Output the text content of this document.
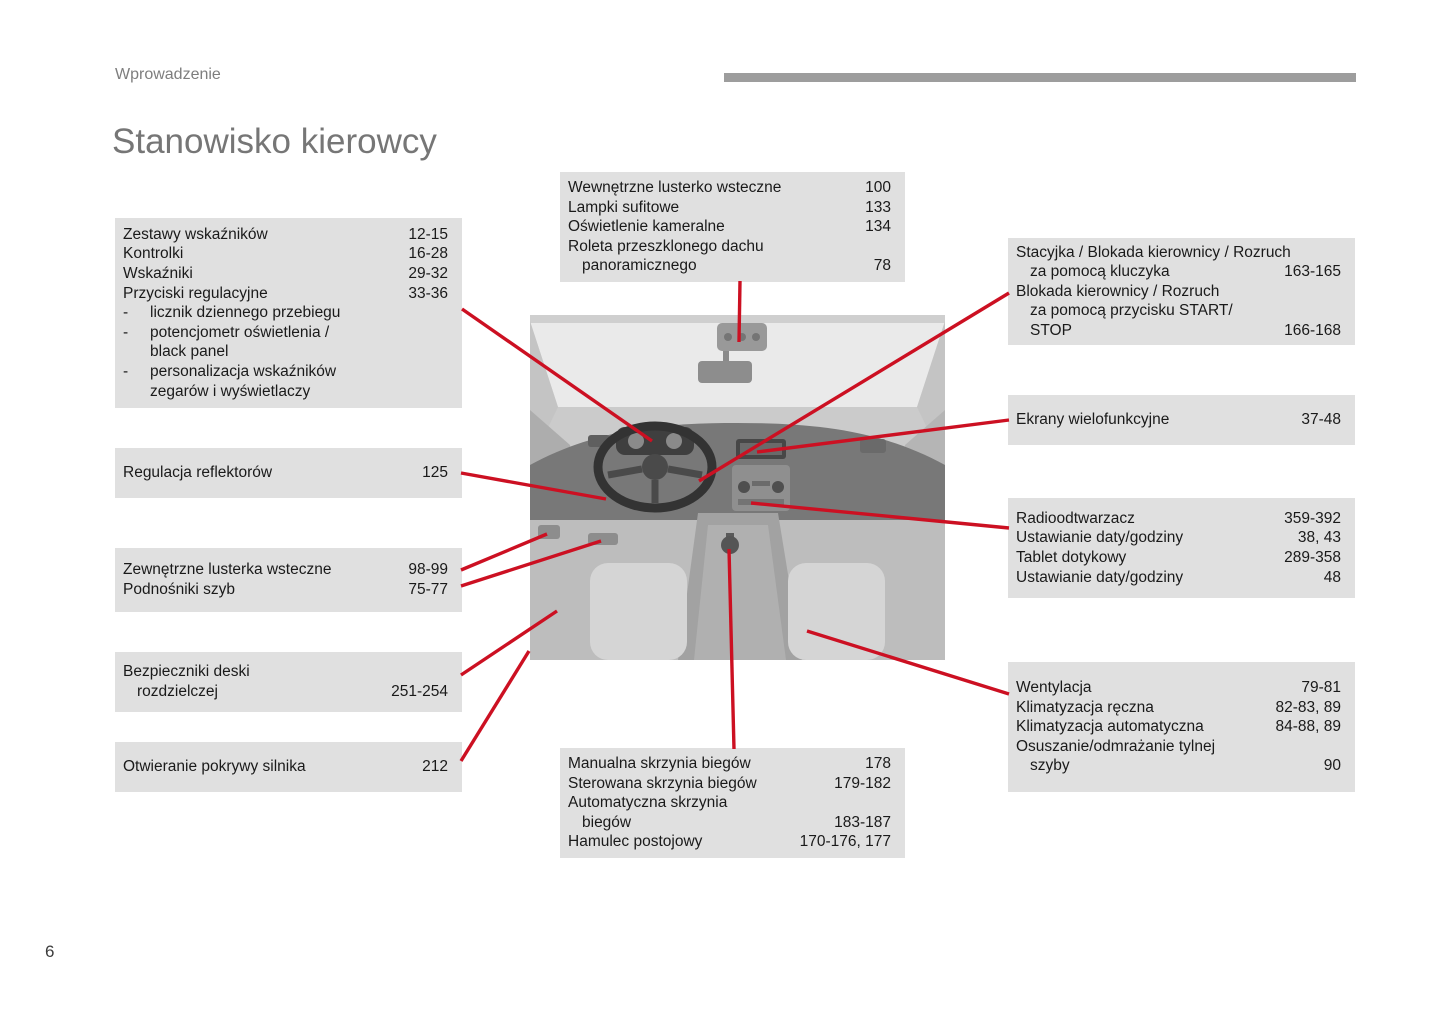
Wprowadzenie
Stanowisko kierowcy
6
Zestawy wskaźników	12-15
Kontrolki	16-28
Wskaźniki	29-32
Przyciski regulacyjne	33-36
-	licznik dziennego przebiegu
-	potencjometr oświetlenia /
black panel
-	personalizacja wskaźników
zegarów i wyświetlaczy
Regulacja reflektorów	125
Zewnętrzne lusterka wsteczne	98-99
Podnośniki szyb	75-77
Bezpieczniki deski
rozdzielczej	251-254
Otwieranie pokrywy silnika	212
Wewnętrzne lusterko wsteczne	100
Lampki sufitowe	133
Oświetlenie kameralne	134
Roleta przeszklonego dachu
panoramicznego	78
Manualna skrzynia biegów	178
Sterowana skrzynia biegów	179-182
Automatyczna skrzynia
biegów	183-187
Hamulec postojowy	170-176, 177
Stacyjka / Blokada kierownicy / Rozruch
za pomocą kluczyka	163-165
Blokada kierownicy / Rozruch
za pomocą przycisku START/
STOP	166-168
Ekrany wielofunkcyjne	37-48
Radioodtwarzacz	359-392
Ustawianie daty/godziny	38, 43
Tablet dotykowy	289-358
Ustawianie daty/godziny	48
Wentylacja	79-81
Klimatyzacja ręczna	82-83, 89
Klimatyzacja automatyczna	84-88, 89
Osuszanie/odmrażanie tylnej
szyby	90
